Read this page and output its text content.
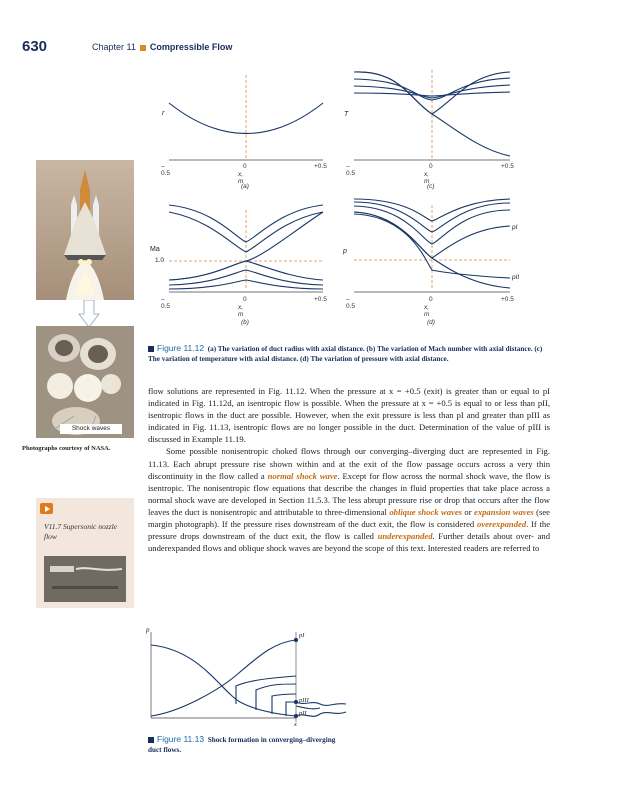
630	Chapter 11 Compressible Flow
r	T
Ma
1.0
p
pI
pII
–0.5
0	+0.5
x, m
(a)
–0.5
0	+0.5
x, m
(c)
–0.5
0	+0.5
x, m
(b)
–0.5
0	+0.5
x, m
(d)
Figure 11.12 (a) The variation of duct radius with axial distance. (b) The variation of Mach number with axial distance. (c) The variation of temperature with axial distance. (d) The variation of pressure with axial distance.
Shock waves
Photographs courtesy of NASA.
V11.7 Supersonic nozzle flow

flow solutions are represented in Fig. 11.12. When the pressure at x = +0.5 (exit) is greater than or equal to pI indicated in Fig. 11.12d, an isentropic flow is possible. When the pressure at x = +0.5 is equal to or less than pII, isentropic flows in the duct are possible. However, when the exit pressure is less than pI and greater than pIII as indicated in Fig. 11.13, isentropic flows are no longer possible in the duct. Determination of the value of pIII is discussed in Example 11.19.

Some possible nonisentropic choked flows through our converging–diverging duct are represented in Fig. 11.13. Each abrupt pressure rise shown within and at the exit of the flow passage occurs across a very thin discontinuity in the flow called a normal shock wave. Except for flow across the normal shock wave, the flow is isentropic. The nonisentropic flow equations that describe the changes in fluid properties that take place across a normal shock wave are developed in Section 11.5.3. The less abrupt pressure rise or drop that occurs after the flow leaves the duct is nonisentropic and attributable to three-dimensional oblique shock waves or expansion waves (see margin photograph). If the pressure rises downstream of the duct exit, the flow is considered overexpanded. If the pressure drops downstream of the duct exit, the flow is called underexpanded. Further details about over- and underexpanded flows and oblique shock waves are beyond the scope of this text. Interested readers are referred to

p
pI
pIII
pII
x
Figure 11.13 Shock formation in converging–diverging duct flows.
